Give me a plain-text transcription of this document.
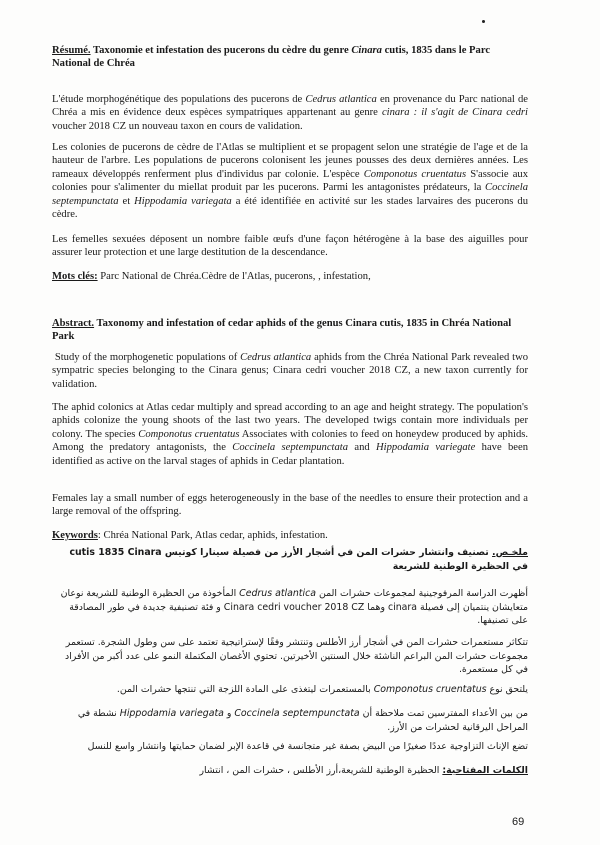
Résumé. Taxonomie et infestation des pucerons du cèdre du genre Cinara cutis, 1835 dans le Parc National de Chréa

L'étude morphogénétique des populations des pucerons de Cedrus atlantica en provenance du Parc national de Chréa a mis en évidence deux espèces sympatriques appartenant au genre cinara : il s'agit de Cinara cedri voucher 2018 CZ un nouveau taxon en cours de validation.

Les colonies de pucerons de cèdre de l'Atlas se multiplient et se propagent selon une stratégie de l'age et de la hauteur de l'arbre. Les populations de pucerons colonisent les jeunes pousses des deux dernières années. Les rameaux développés renferment plus d'individus par colonie. L'espèce Componotus cruentatus S'associe aux colonies pour s'alimenter du miellat produit par les pucerons. Parmi les antagonistes prédateurs, la Coccinela septempunctata et Hippodamia variegata a été identifiée en activité sur les stades larvaires des pucerons du cèdre.

Les femelles sexuées déposent un nombre faible œufs d'une façon hétérogène à la base des aiguilles pour assurer leur protection et une large destitution de la descendance.

Mots clés: Parc National de Chréa.Cèdre de l'Atlas, pucerons, , infestation,

Abstract. Taxonomy and infestation of cedar aphids of the genus Cinara cutis, 1835 in Chréa National Park

Study of the morphogenetic populations of Cedrus atlantica aphids from the Chréa National Park revealed two sympatric species belonging to the Cinara genus; Cinara cedri voucher 2018 CZ, a new taxon currently for validation.

The aphid colonics at Atlas cedar multiply and spread according to an age and height strategy. The population's aphids colonize the young shoots of the last two years. The developed twigs contain more individuals per colony. The species Componotus cruentatus Associates with colonies to feed on honeydew produced by aphids. Among the predatory antagonists, the Coccinela septempunctata and Hippodamia variegate have been identified as active on the larval stages of aphids in Cedar plantation.

Females lay a small number of eggs heterogeneously in the base of the needles to ensure their protection and a large removal of the offspring.

Keywords: Chréa National Park, Atlas cedar, aphids, infestation.

ملخـص. تصنيف وانتشار حشرات المن في أشجار الأرز من فصيلة سينارا كوتيس cutis 1835 Cinara في الحظيرة الوطنية للشريعة

أظهرت الدراسة المرفوجينية لمجموعات حشرات المن Cedrus atlantica المأخوذة من الحظيرة الوطنية للشريعة نوعان متعايشان ينتميان إلى فصيلة cinara وهما Cinara cedri voucher 2018 CZ و فئة تصنيفية جديدة في طور المصادقة على تصنيفها.

تتكاثر مستعمرات حشرات المن في أشجار أرز الأطلس وتنتشر وفقًا لإستراتيجية تعتمد على سن وطول الشجرة. تستعمر مجموعات حشرات المن البراعم الناشئة خلال السنتين الأخيرتين. تحتوي الأغصان المكتملة النمو على عدد أكبر من الأفراد في كل مستعمرة.

يلتحق نوع Componotus cruentatus بالمستعمرات ليتغذى على المادة اللزجة التي تنتجها حشرات المن.

من بين الأعداء المفترسين تمت ملاحظة أن Coccinela septempunctata و Hippodamia variegata نشطة في المراحل اليرقانية لحشرات من الأرز.

تضع الإناث التزاوجية عددًا صغيرًا من البيض بصفة غير متجانسة في قاعدة الإبر لضمان حمايتها وانتشار واسع للنسل

الكلمات المفتاحية: الحظيرة الوطنية للشريعة،أرز الأطلس ، حشرات المن ، انتشار

69
